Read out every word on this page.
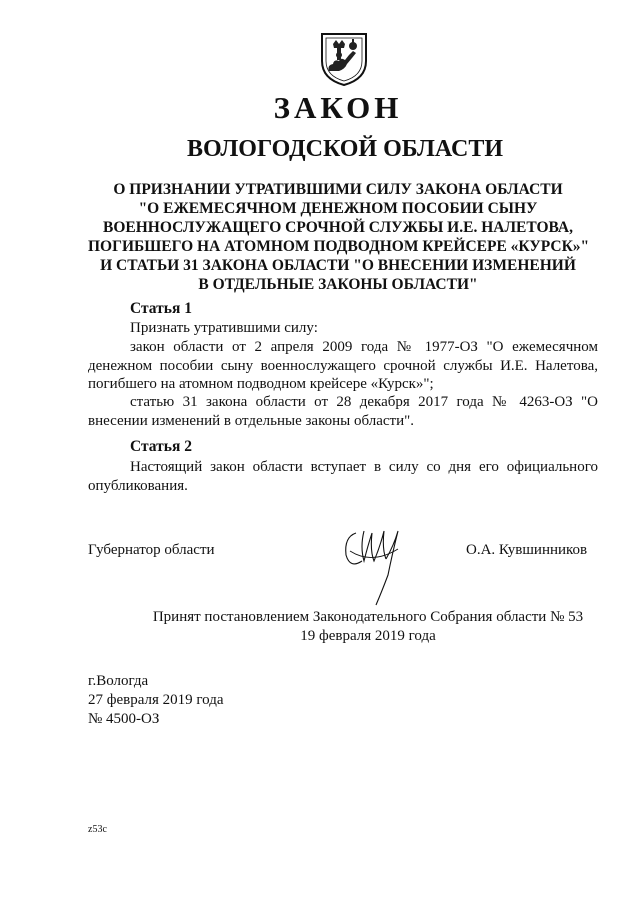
ЗАКОН
ВОЛОГОДСКОЙ ОБЛАСТИ
О ПРИЗНАНИИ УТРАТИВШИМИ СИЛУ ЗАКОНА ОБЛАСТИ
"О ЕЖЕМЕСЯЧНОМ ДЕНЕЖНОМ ПОСОБИИ СЫНУ
ВОЕННОСЛУЖАЩЕГО СРОЧНОЙ СЛУЖБЫ И.Е. НАЛЕТОВА,
ПОГИБШЕГО НА АТОМНОМ ПОДВОДНОМ КРЕЙСЕРЕ «КУРСК»"
И СТАТЬИ 31 ЗАКОНА ОБЛАСТИ "О ВНЕСЕНИИ ИЗМЕНЕНИЙ
В ОТДЕЛЬНЫЕ ЗАКОНЫ ОБЛАСТИ"
Статья 1
Признать утратившими силу:
закон области от 2 апреля 2009 года № 1977-ОЗ "О ежемесячном денежном пособии сыну военнослужащего срочной службы И.Е. Налетова, погибшего на атомном подводном крейсере «Курск»";
статью 31 закона области от 28 декабря 2017 года № 4263-ОЗ "О внесении изменений в отдельные законы области".
Статья 2
Настоящий закон области вступает в силу со дня его официального опубликования.
Губернатор области	О.А. Кувшинников
Принят постановлением Законодательного Собрания области № 53
19 февраля 2019 года
г.Вологда
27 февраля 2019 года
№ 4500-ОЗ
z53c
